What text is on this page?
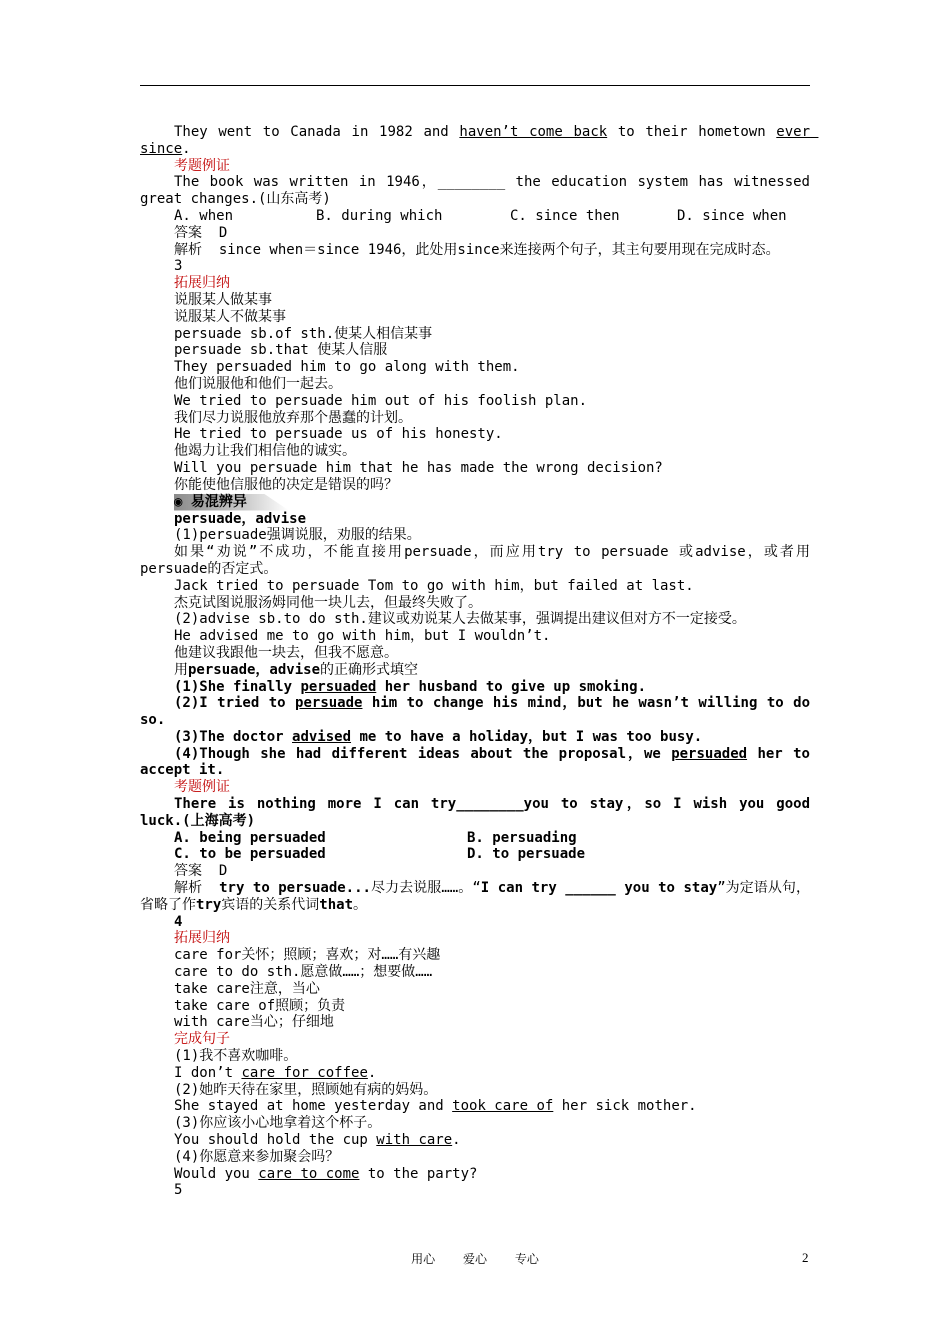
They went to Canada in 1982 and haven’t come back to their hometown ever since.

考题例证

The book was written in 1946，________ the education system has witnessed great changes.(山东高考)

A. when	B. during which	C. since then	D. since when

答案  D

解析  since when＝since 1946，此处用since来连接两个句子，其主句要用现在完成时态。

3

拓展归纳

说服某人做某事

说服某人不做某事

persuade sb.of sth.使某人相信某事

persuade sb.that 使某人信服

They persuaded him to go along with them.

他们说服他和他们一起去。

We tried to persuade him out of his foolish plan.

我们尽力说服他放弃那个愚蠢的计划。

He tried to persuade us of his honesty.

他竭力让我们相信他的诚实。

Will you persuade him that he has made the wrong decision?

你能使他信服他的决定是错误的吗？

◉ 易混辨异

persuade，advise

(1)persuade强调说服，劝服的结果。

如果“劝说”不成功，不能直接用persuade，而应用try to persuade 或advise，或者用persuade的否定式。

Jack tried to persuade Tom to go with him，but failed at last.

杰克试图说服汤姆同他一块儿去，但最终失败了。

(2)advise sb.to do sth.建议或劝说某人去做某事，强调提出建议但对方不一定接受。

He advised me to go with him，but I wouldn’t.

他建议我跟他一块去，但我不愿意。

用persuade，advise的正确形式填空

(1)She finally persuaded her husband to give up smoking.

(2)I tried to persuade him to change his mind，but he wasn’t willing to do so.

(3)The doctor advised me to have a holiday，but I was too busy.

(4)Though she had different ideas about the proposal，we persuaded her to accept it.

考题例证

There is nothing more I can try________you to stay，so I wish you good luck.(上海高考)

A. being persuaded	B. persuading
C. to be persuaded	D. to persuade

答案  D

解析  try to persuade...尽力去说服……。“I can try ______ you to stay”为定语从句，省略了作try宾语的关系代词that。

4

拓展归纳

care for关怀；照顾；喜欢；对……有兴趣

care to do sth.愿意做……；想要做……

take care注意，当心

take care of照顾；负责

with care当心；仔细地

完成句子

(1)我不喜欢咖啡。

I don’t care for coffee.

(2)她昨天待在家里，照顾她有病的妈妈。

She stayed at home yesterday and took care of her sick mother.

(3)你应该小心地拿着这个杯子。

You should hold the cup with care.

(4)你愿意来参加聚会吗？

Would you care to come to the party?

5

用心 爱心 专心	2
